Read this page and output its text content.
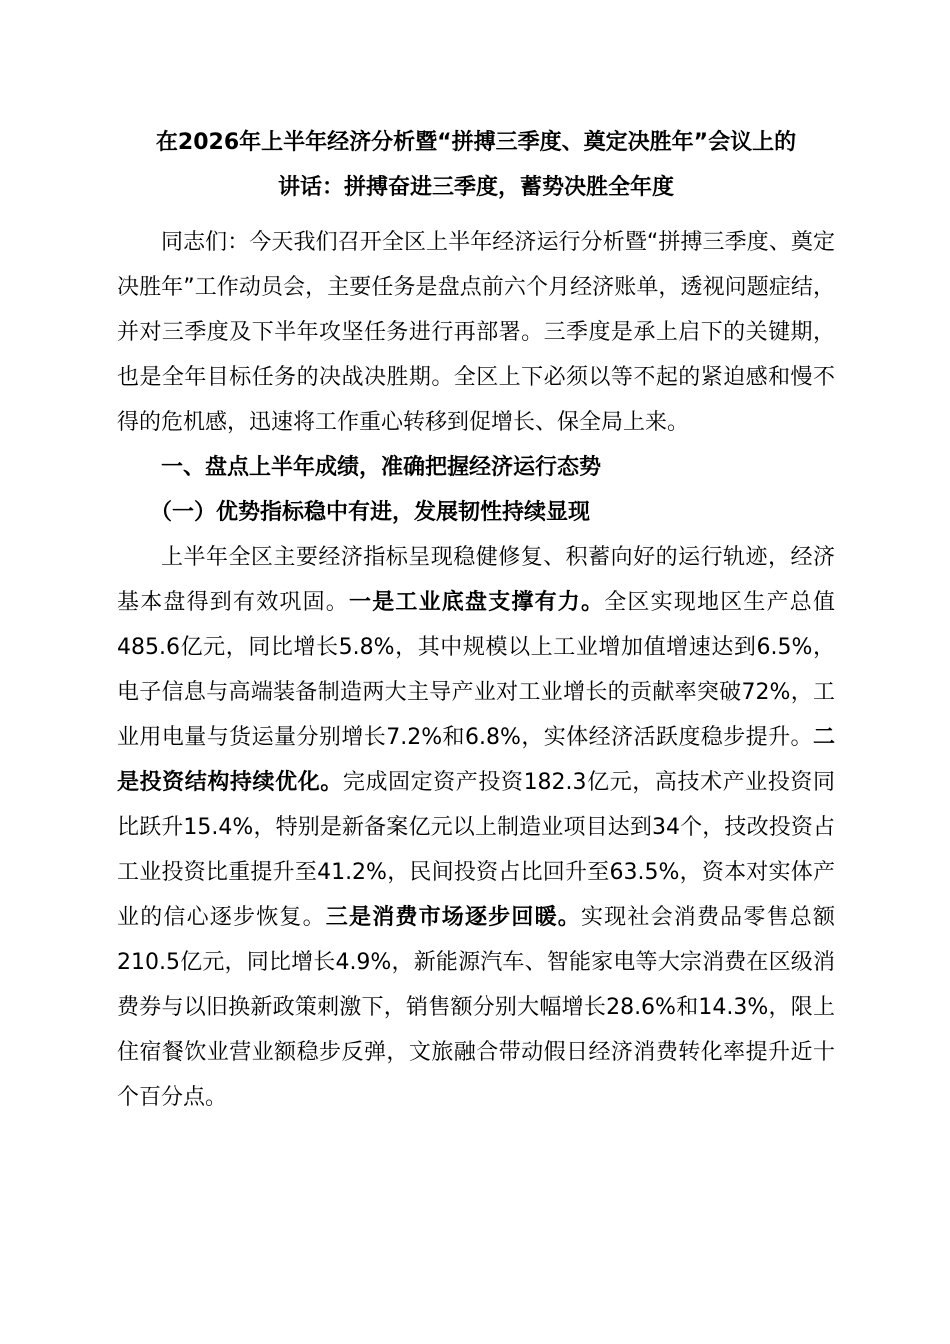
在2026年上半年经济分析暨“拼搏三季度、奠定决胜年”会议上的
讲话：拼搏奋进三季度，蓄势决胜全年度

同志们：今天我们召开全区上半年经济运行分析暨“拼搏三季度、奠定决胜年”工作动员会，主要任务是盘点前六个月经济账单，透视问题症结，并对三季度及下半年攻坚任务进行再部署。三季度是承上启下的关键期，也是全年目标任务的决战决胜期。全区上下必须以等不起的紧迫感和慢不得的危机感，迅速将工作重心转移到促增长、保全局上来。

一、盘点上半年成绩，准确把握经济运行态势
（一）优势指标稳中有进，发展韧性持续显现

上半年全区主要经济指标呈现稳健修复、积蓄向好的运行轨迹，经济基本盘得到有效巩固。一是工业底盘支撑有力。全区实现地区生产总值485.6亿元，同比增长5.8%，其中规模以上工业增加值增速达到6.5%，电子信息与高端装备制造两大主导产业对工业增长的贡献率突破72%，工业用电量与货运量分别增长7.2%和6.8%，实体经济活跃度稳步提升。二是投资结构持续优化。完成固定资产投资182.3亿元，高技术产业投资同比跃升15.4%，特别是新备案亿元以上制造业项目达到34个，技改投资占工业投资比重提升至41.2%，民间投资占比回升至63.5%，资本对实体产业的信心逐步恢复。三是消费市场逐步回暖。实现社会消费品零售总额210.5亿元，同比增长4.9%，新能源汽车、智能家电等大宗消费在区级消费券与以旧换新政策刺激下，销售额分别大幅增长28.6%和14.3%，限上住宿餐饮业营业额稳步反弹，文旅融合带动假日经济消费转化率提升近十个百分点。
